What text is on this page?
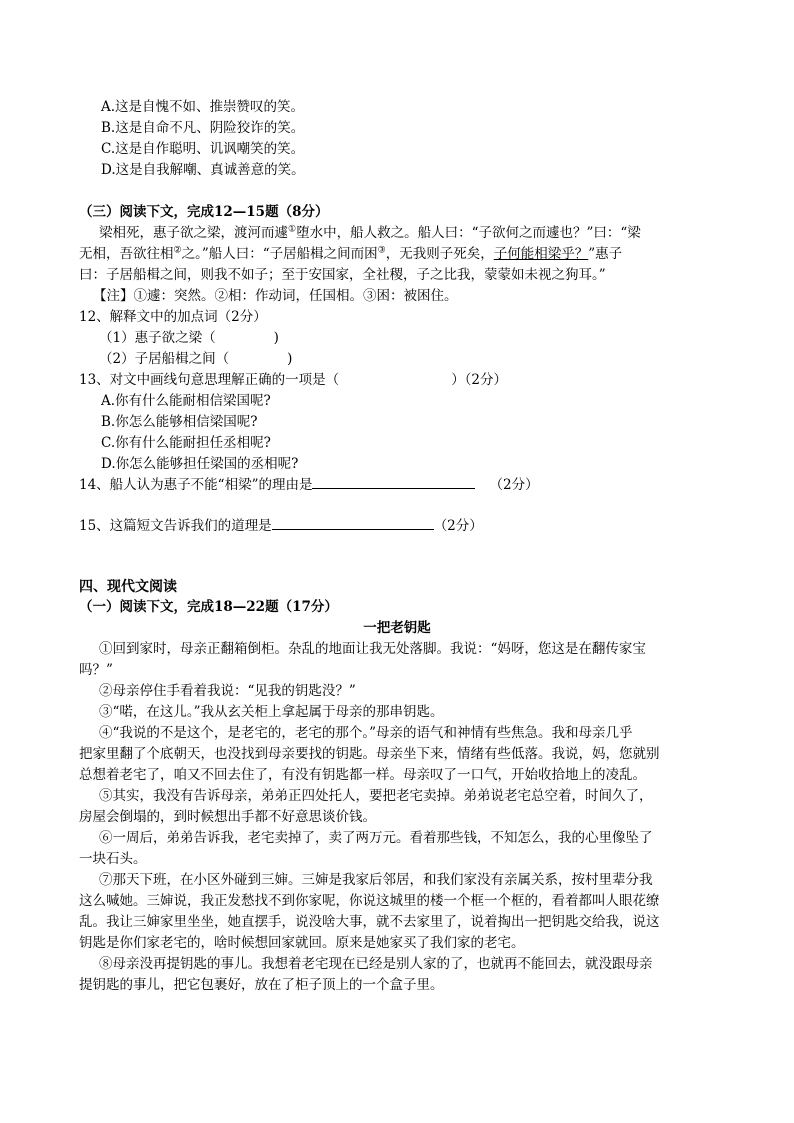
A.这是自愧不如、推崇赞叹的笑。
B.这是自命不凡、阴险狡诈的笑。
C.这是自作聪明、讥讽嘲笑的笑。
D.这是自我解嘲、真诚善意的笑。
（三）阅读下文，完成12—15题（8分）
梁相死，惠子欲之梁，渡河而遽①堕水中，船人救之。船人曰：“子欲何之而遽也？”曰：“梁
无相，吾欲往相②之。”船人曰：“子居船楫之间而困③，无我则子死矣，子何能相梁乎？”惠子
曰：子居船楫之间，则我不如子；至于安国家，全社稷，子之比我，蒙蒙如未视之狗耳。”
【注】①遽：突然。②相：作动词，任国相。③困：被困住。
12、解释文中的加点词（2分）
（1）惠子欲之梁（	)
（2）子居船楫之间（	)
13、对文中画线句意思理解正确的一项是（	）（2分）
A.你有什么能耐相信梁国呢?
B.你怎么能够相信梁国呢?
C.你有什么能耐担任丞相呢?
D.你怎么能够担任梁国的丞相呢?
14、船人认为惠子不能“相梁”的理由是	（2分）
15、这篇短文告诉我们的道理是	（2分）
四、现代文阅读
（一）阅读下文，完成18—22题（17分）
一把老钥匙
①回到家时，母亲正翻箱倒柜。杂乱的地面让我无处落脚。我说：“妈呀，您这是在翻传家宝
吗？”
②母亲停住手看着我说：“见我的钥匙没？”
③“喏，在这儿。”我从玄关柜上拿起属于母亲的那串钥匙。
④“我说的不是这个，是老宅的，老宅的那个。”母亲的语气和神情有些焦急。我和母亲几乎
把家里翻了个底朝天，也没找到母亲要找的钥匙。母亲坐下来，情绪有些低落。我说，妈，您就别
总想着老宅了，咱又不回去住了，有没有钥匙都一样。母亲叹了一口气，开始收拾地上的凌乱。
⑤其实，我没有告诉母亲，弟弟正四处托人，要把老宅卖掉。弟弟说老宅总空着，时间久了，
房屋会倒塌的，到时候想出手都不好意思谈价钱。
⑥一周后，弟弟告诉我，老宅卖掉了，卖了两万元。看着那些钱，不知怎么，我的心里像坠了
一块石头。
⑦那天下班，在小区外碰到三婶。三婶是我家后邻居，和我们家没有亲属关系，按村里辈分我
这么喊她。三婶说，我正发愁找不到你家呢，你说这城里的楼一个框一个框的，看着都叫人眼花缭
乱。我让三婶家里坐坐，她直摆手，说没啥大事，就不去家里了，说着掏出一把钥匙交给我，说这
钥匙是你们家老宅的，啥时候想回家就回。原来是她家买了我们家的老宅。
⑧母亲没再提钥匙的事儿。我想着老宅现在已经是别人家的了，也就再不能回去，就没跟母亲
提钥匙的事儿，把它包裹好，放在了柜子顶上的一个盒子里。
